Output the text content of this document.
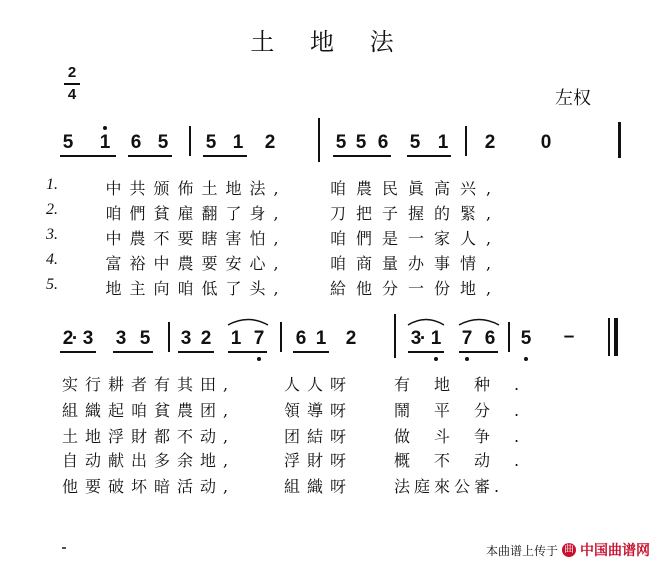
土 地 法
2
4	左权
5 1 6 5 5 1 2	5 5 6 5 1 2 0
1.	中共颁佈土地法,	咱農民眞高兴,
2.	咱們貧雇翻了身,	刀把子握的緊,
3.	中農不要瞎害怕,	咱們是一家人,
4.	富裕中農要安心,	咱商量办事情,
5.	地主向咱低了头,	給他分一份地,
2
· 3 3 5 3 2 1 7 6 1 2	3
· 1 7 6 5 –
实行耕者有其田,	人人呀	有地种.
組織起咱貧農团,	領導呀	鬧平分.
土地浮財都不动,	团結呀	做斗争.
自动献出多余地,	浮財呀	概不动.
他要破坏暗活动,	組織呀	法庭來公審.
本曲谱上传于 曲 中国曲谱网
